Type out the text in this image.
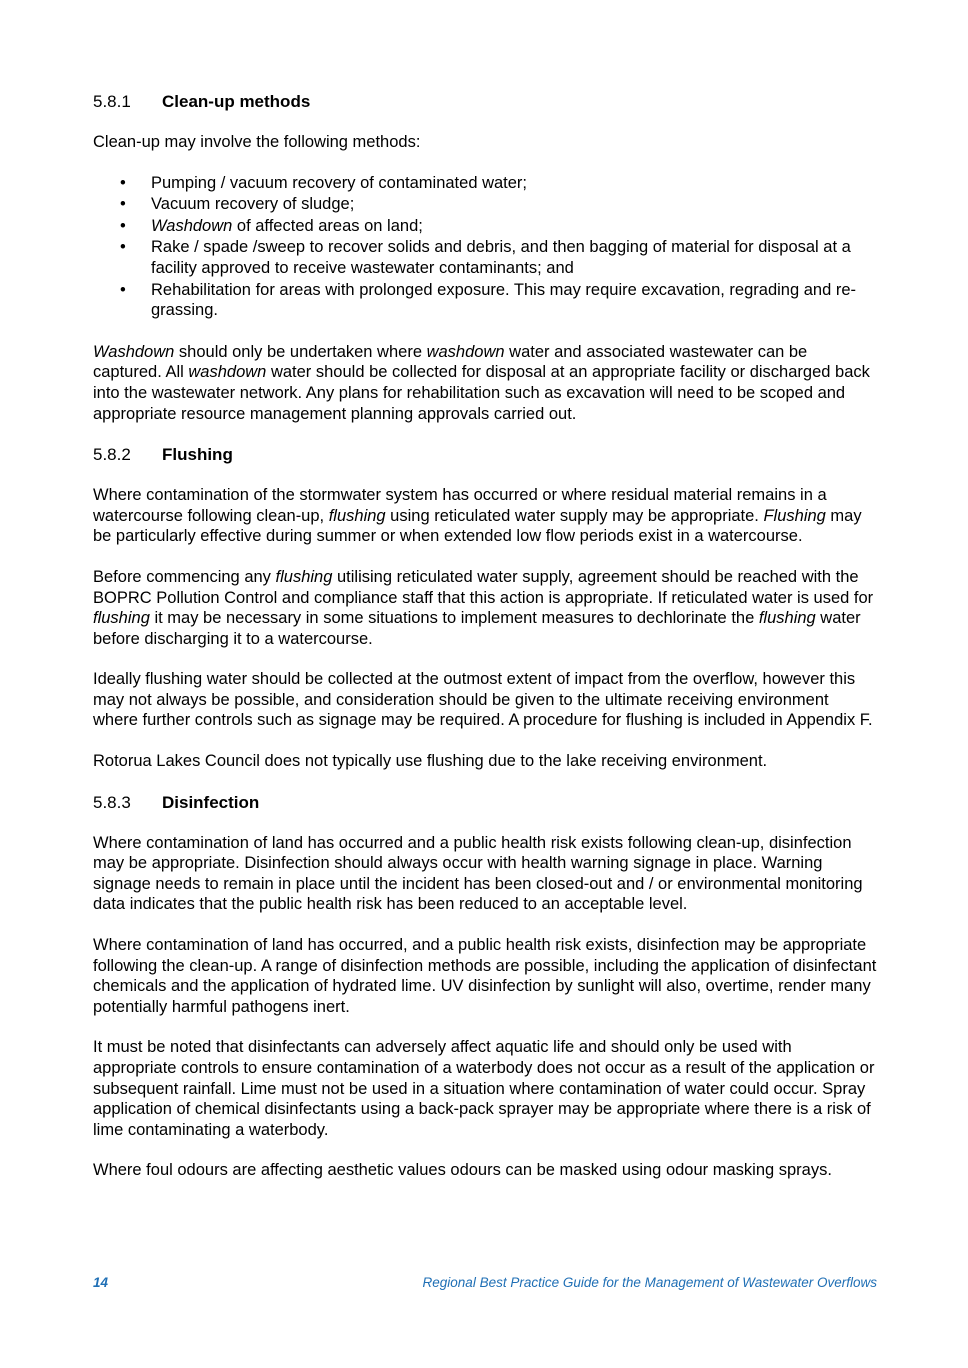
5.8.1 Clean-up methods

Clean-up may involve the following methods:

• Pumping / vacuum recovery of contaminated water;
• Vacuum recovery of sludge;
• Washdown of affected areas on land;
• Rake / spade /sweep to recover solids and debris, and then bagging of material for disposal at a facility approved to receive wastewater contaminants; and
• Rehabilitation for areas with prolonged exposure. This may require excavation, regrading and re-grassing.

Washdown should only be undertaken where washdown water and associated wastewater can be captured. All washdown water should be collected for disposal at an appropriate facility or discharged back into the wastewater network. Any plans for rehabilitation such as excavation will need to be scoped and appropriate resource management planning approvals carried out.

5.8.2 Flushing

Where contamination of the stormwater system has occurred or where residual material remains in a watercourse following clean-up, flushing using reticulated water supply may be appropriate. Flushing may be particularly effective during summer or when extended low flow periods exist in a watercourse.

Before commencing any flushing utilising reticulated water supply, agreement should be reached with the BOPRC Pollution Control and compliance staff that this action is appropriate. If reticulated water is used for flushing it may be necessary in some situations to implement measures to dechlorinate the flushing water before discharging it to a watercourse.

Ideally flushing water should be collected at the outmost extent of impact from the overflow, however this may not always be possible, and consideration should be given to the ultimate receiving environment where further controls such as signage may be required. A procedure for flushing is included in Appendix F.

Rotorua Lakes Council does not typically use flushing due to the lake receiving environment.

5.8.3 Disinfection

Where contamination of land has occurred and a public health risk exists following clean-up, disinfection may be appropriate. Disinfection should always occur with health warning signage in place. Warning signage needs to remain in place until the incident has been closed-out and / or environmental monitoring data indicates that the public health risk has been reduced to an acceptable level.

Where contamination of land has occurred, and a public health risk exists, disinfection may be appropriate following the clean-up. A range of disinfection methods are possible, including the application of disinfectant chemicals and the application of hydrated lime. UV disinfection by sunlight will also, overtime, render many potentially harmful pathogens inert.

It must be noted that disinfectants can adversely affect aquatic life and should only be used with appropriate controls to ensure contamination of a waterbody does not occur as a result of the application or subsequent rainfall. Lime must not be used in a situation where contamination of water could occur. Spray application of chemical disinfectants using a back-pack sprayer may be appropriate where there is a risk of lime contaminating a waterbody.

Where foul odours are affecting aesthetic values odours can be masked using odour masking sprays.

14	Regional Best Practice Guide for the Management of Wastewater Overflows
